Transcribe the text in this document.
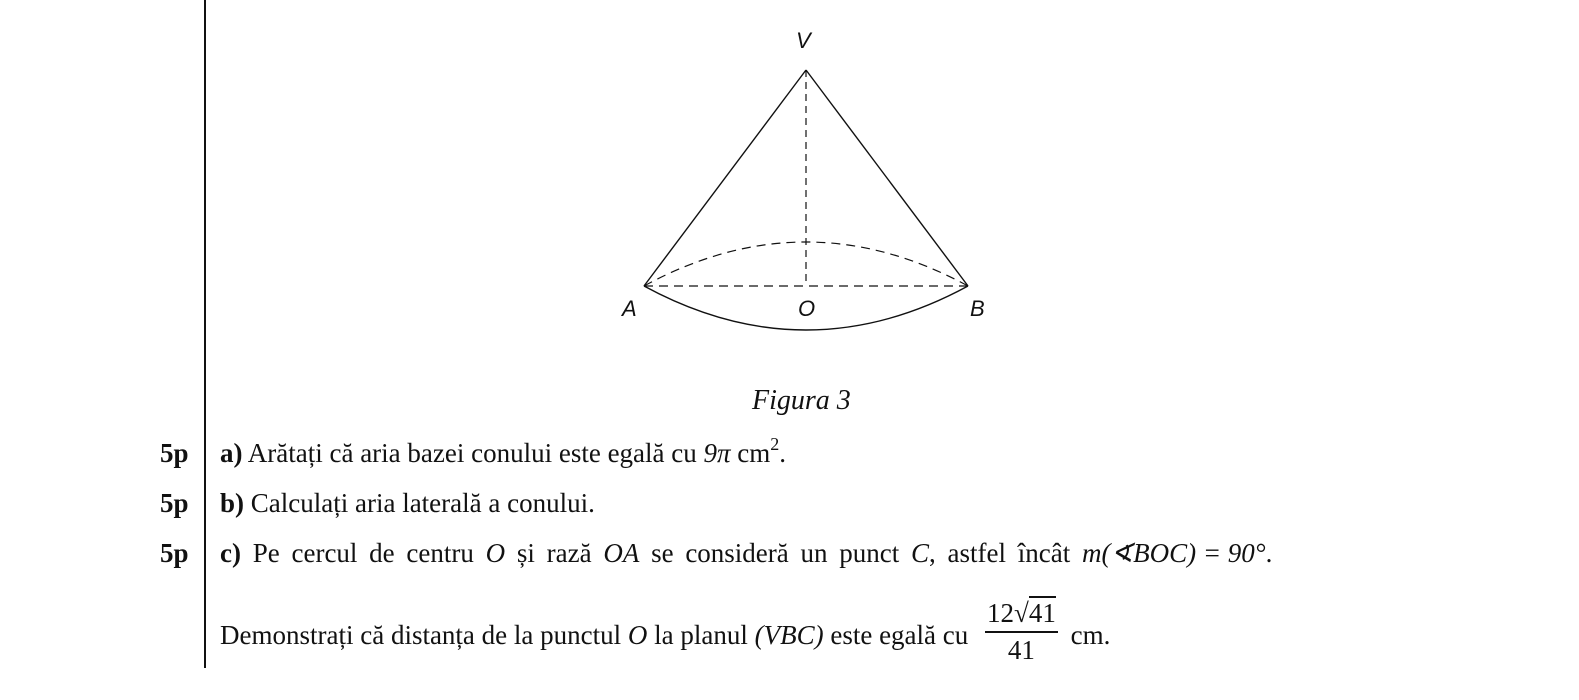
V
A	O	B
Figura 3
5p a) Arătați că aria bazei conului este egală cu 9π $cm^2$.
5p b) Calculați aria laterală a conului.
5p c) Pe cercul de centru O și rază OA se consideră un punct C, astfel încât m(∢BOC) = 90°.
Demonstrați că distanța de la punctul O la planul (VBC) este egală cu $\frac{12√41}{41}$ cm.
